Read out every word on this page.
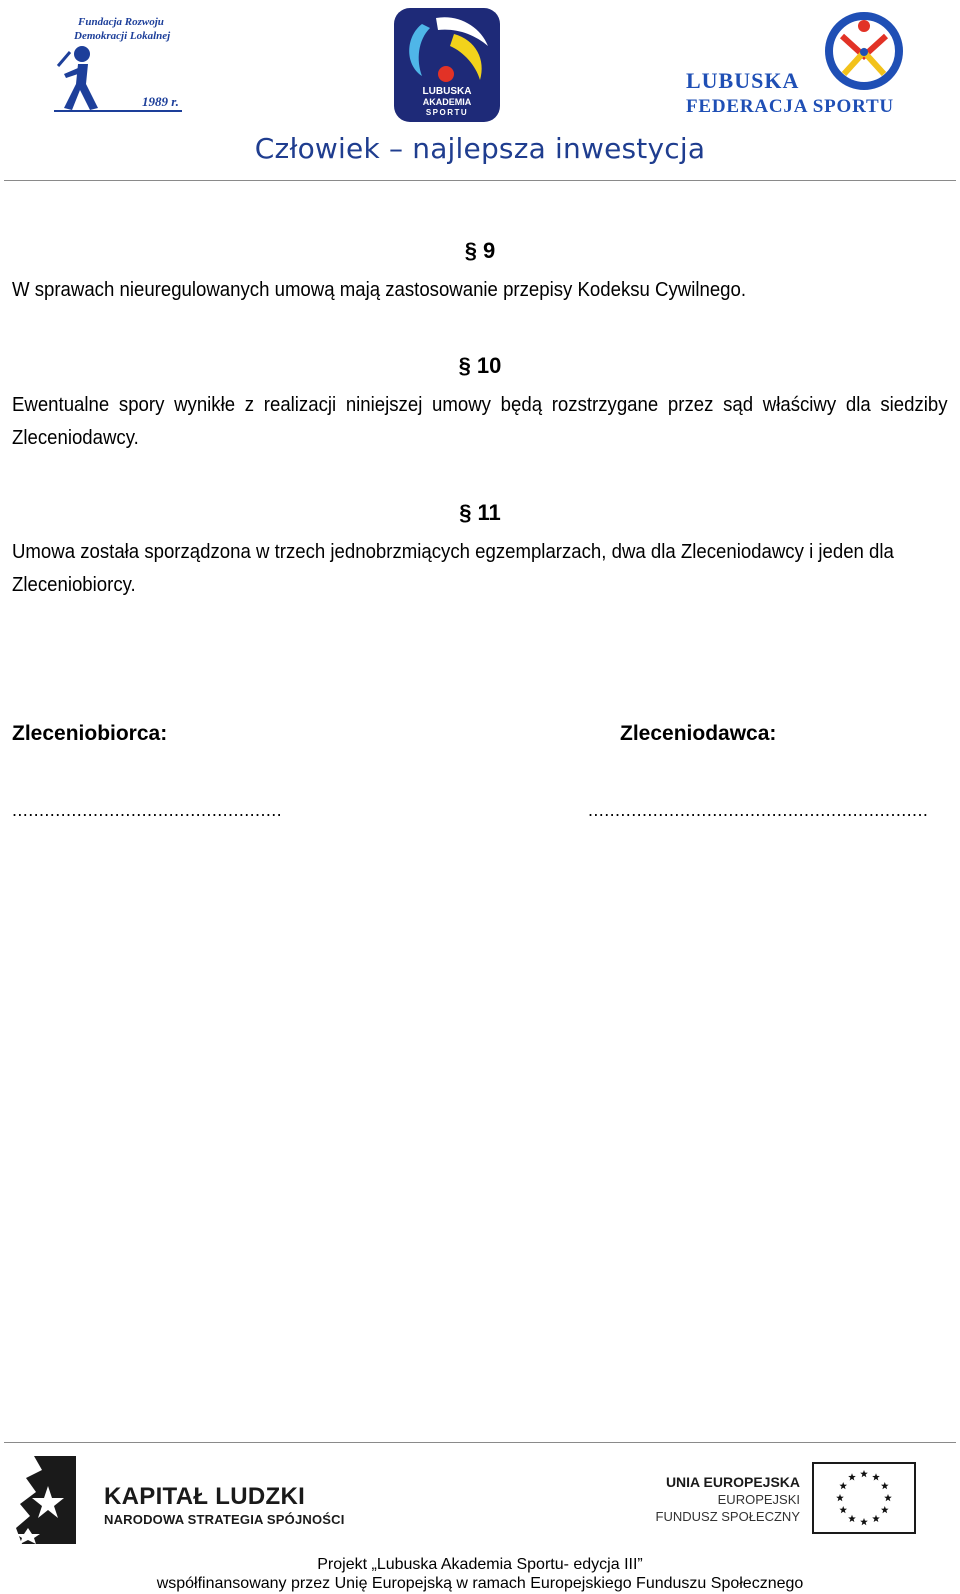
Fundacja Rozwoju
Demokracji Lokalnej
1989 r.
LUBUSKA
AKADEMIA
SPORTU
LUBUSKA
FEDERACJA SPORTU
Człowiek – najlepsza inwestycja
§ 9
W sprawach nieuregulowanych umową mają zastosowanie przepisy Kodeksu Cywilnego.
§ 10
Ewentualne spory wynikłe z realizacji niniejszej umowy będą rozstrzygane przez sąd właściwy dla siedziby Zleceniodawcy.
§ 11
Umowa została sporządzona w trzech jednobrzmiących egzemplarzach, dwa dla Zleceniodawcy i jeden dla Zleceniobiorcy.
Zleceniobiorca:	Zleceniodawca:
..................................................	...............................................................
KAPITAŁ LUDZKI
NARODOWA STRATEGIA SPÓJNOŚCI
UNIA EUROPEJSKA
EUROPEJSKI
FUNDUSZ SPOŁECZNY
Projekt „Lubuska Akademia Sportu- edycja III”
współfinansowany przez Unię Europejską w ramach Europejskiego Funduszu Społecznego
